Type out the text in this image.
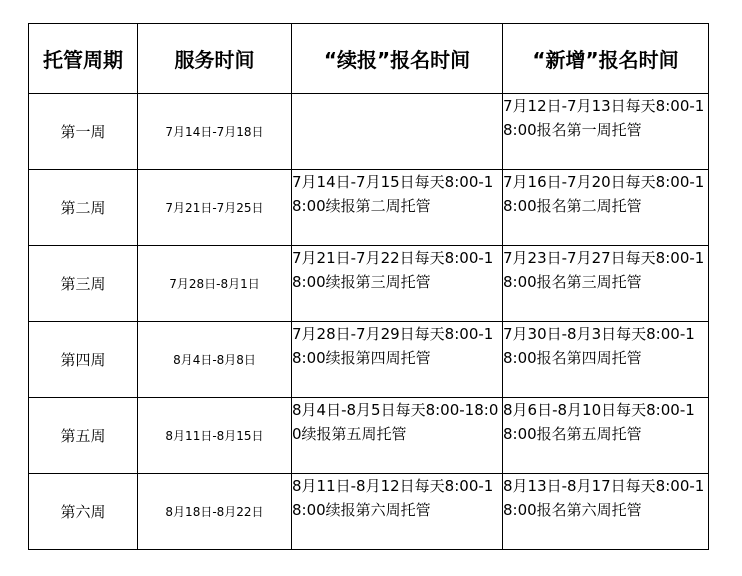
托管周期	服务时间	“续报”报名时间	“新增”报名时间
第一周	7月14日-7月18日		7月12日-7月13日每天8:00-18:00报名第一周托管
第二周	7月21日-7月25日	7月14日-7月15日每天8:00-18:00续报第二周托管	7月16日-7月20日每天8:00-18:00报名第二周托管
第三周	7月28日-8月1日	7月21日-7月22日每天8:00-18:00续报第三周托管	7月23日-7月27日每天8:00-18:00报名第三周托管
第四周	8月4日-8月8日	7月28日-7月29日每天8:00-18:00续报第四周托管	7月30日-8月3日每天8:00-18:00报名第四周托管
第五周	8月11日-8月15日	8月4日-8月5日每天8:00-18:00续报第五周托管	8月6日-8月10日每天8:00-18:00报名第五周托管
第六周	8月18日-8月22日	8月11日-8月12日每天8:00-18:00续报第六周托管	8月13日-8月17日每天8:00-18:00报名第六周托管
